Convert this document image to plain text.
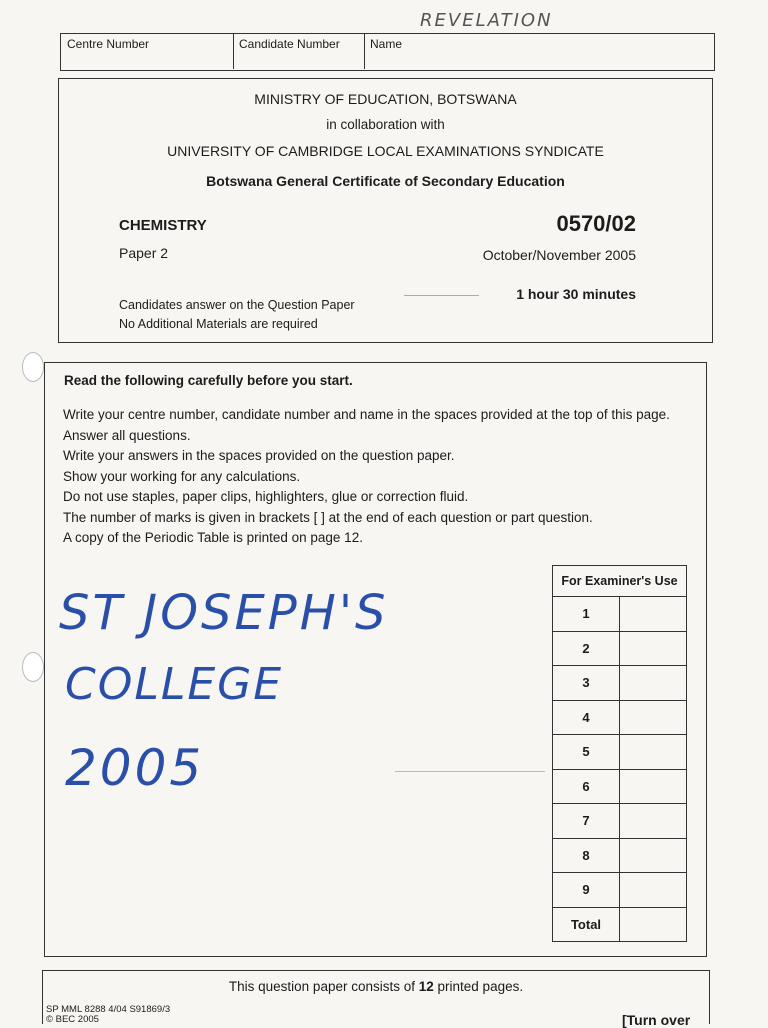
REVELATION
Centre Number	Candidate Number	Name
MINISTRY OF EDUCATION, BOTSWANA
in collaboration with
UNIVERSITY OF CAMBRIDGE LOCAL EXAMINATIONS SYNDICATE
Botswana General Certificate of Secondary Education
CHEMISTRY	0570/02
Paper 2	October/November 2005
1 hour 30 minutes
Candidates answer on the Question Paper
No Additional Materials are required
Read the following carefully before you start.
Write your centre number, candidate number and name in the spaces provided at the top of this page.
Answer all questions.
Write your answers in the spaces provided on the question paper.
Show your working for any calculations.
Do not use staples, paper clips, highlighters, glue or correction fluid.
The number of marks is given in brackets [ ] at the end of each question or part question.
A copy of the Periodic Table is printed on page 12.
ST JOSEPH'S
COLLEGE
2005
For Examiner's Use	
1	
2	
3	
4	
5	
6	
7	
8	
9	
Total	
This question paper consists of 12 printed pages.
SP MML 8288 4/04 S91869/3
© BEC 2005	[Turn over
